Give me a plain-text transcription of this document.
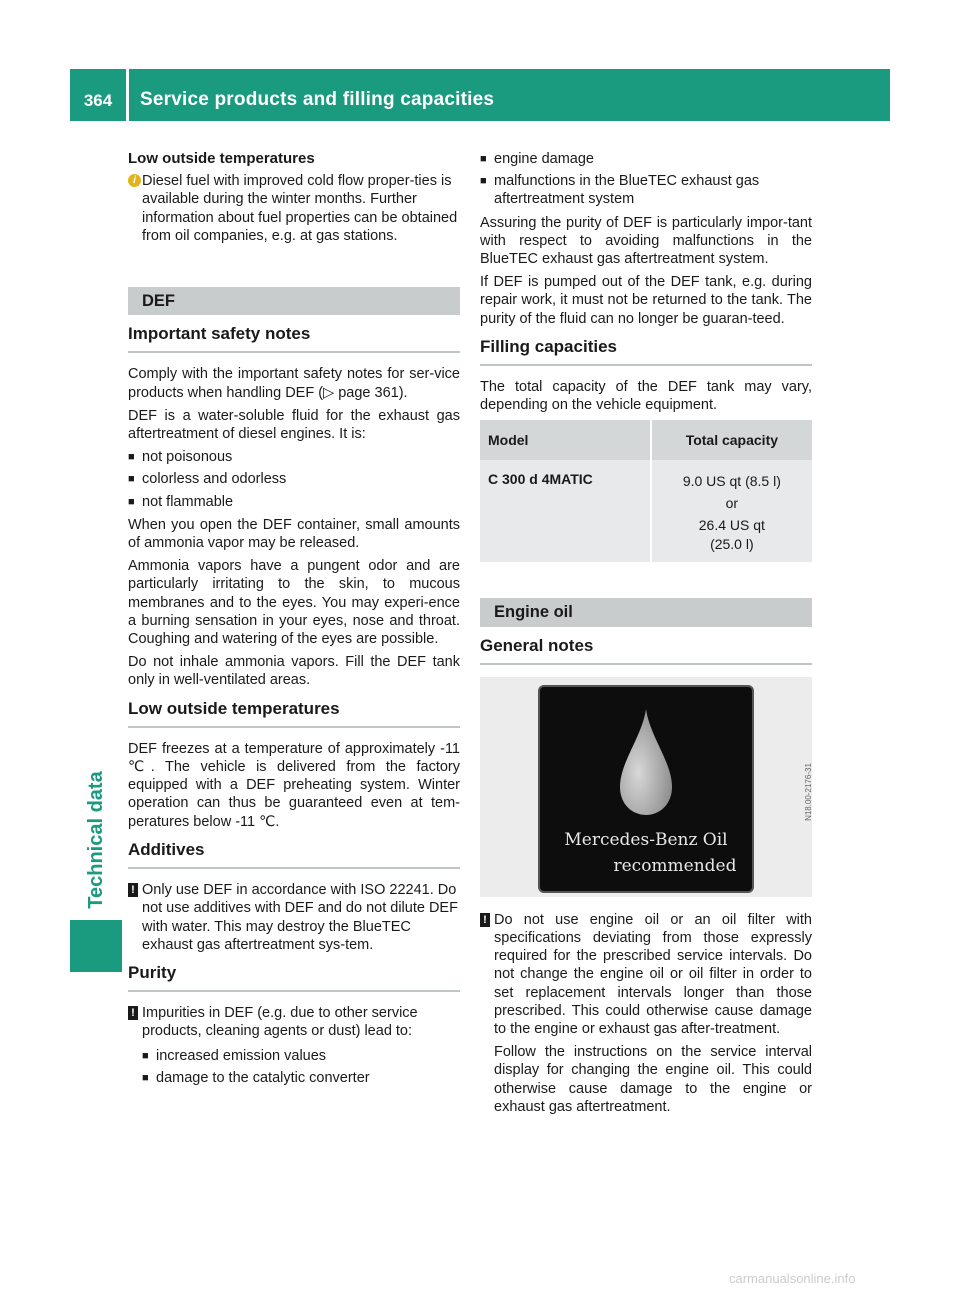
364	Service products and filling capacities
Technical data
Low outside temperatures
i Diesel fuel with improved cold flow proper-ties is available during the winter months. Further information about fuel properties can be obtained from oil companies, e.g. at gas stations.
DEF
Important safety notes

Comply with the important safety notes for ser-vice products when handling DEF (▷ page 361).

DEF is a water-soluble fluid for the exhaust gas aftertreatment of diesel engines. It is:

■ not poisonous
■ colorless and odorless
■ not flammable

When you open the DEF container, small amounts of ammonia vapor may be released.

Ammonia vapors have a pungent odor and are particularly irritating to the skin, to mucous membranes and to the eyes. You may experi-ence a burning sensation in your eyes, nose and throat. Coughing and watering of the eyes are possible.

Do not inhale ammonia vapors. Fill the DEF tank only in well-ventilated areas.

Low outside temperatures

DEF freezes at a temperature of approximately -11 ℃. The vehicle is delivered from the factory equipped with a DEF preheating system. Winter operation can thus be guaranteed even at tem-peratures below -11 ℃.

Additives
! Only use DEF in accordance with ISO 22241. Do not use additives with DEF and do not dilute DEF with water. This may destroy the BlueTEC exhaust gas aftertreatment sys-tem.
Purity
! Impurities in DEF (e.g. due to other service products, cleaning agents or dust) lead to:
■ increased emission values
■ damage to the catalytic converter
■ engine damage
■ malfunctions in the BlueTEC exhaust gas aftertreatment system

Assuring the purity of DEF is particularly impor-tant with respect to avoiding malfunctions in the BlueTEC exhaust gas aftertreatment system.

If DEF is pumped out of the DEF tank, e.g. during repair work, it must not be returned to the tank. The purity of the fluid can no longer be guaran-teed.

Filling capacities

The total capacity of the DEF tank may vary, depending on the vehicle equipment.

Model	Total capacity
C 300 d 4MATIC	9.0 US qt (8.5 l)
or
26.4 US qt
(25.0 l)
Engine oil
General notes
Mercedes-Benz Oil
recommended
N18.00-2176-31
! Do not use engine oil or an oil filter with specifications deviating from those expressly required for the prescribed service intervals. Do not change the engine oil or oil filter in order to set replacement intervals longer than those prescribed. This could otherwise cause damage to the engine or exhaust gas after-treatment.

Follow the instructions on the service interval display for changing the engine oil. This could otherwise cause damage to the engine or exhaust gas aftertreatment.

carmanualsonline.info
